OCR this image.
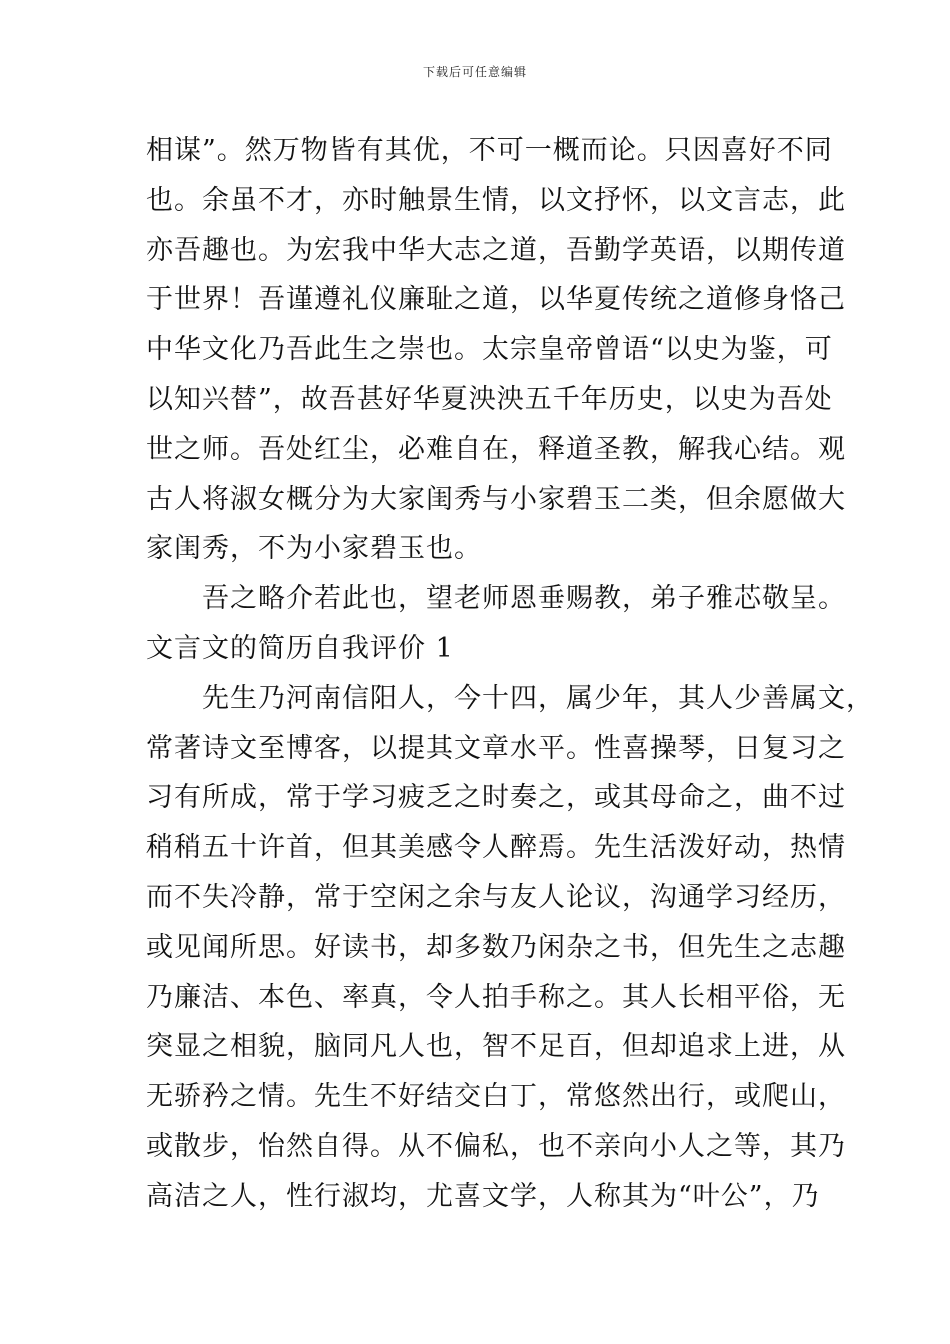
下载后可任意编辑
相谋”。然万物皆有其优，不可一概而论。只因喜好不同
也。余虽不才，亦时触景生情，以文抒怀，以文言志，此
亦吾趣也。为宏我中华大志之道，吾勤学英语，以期传道
于世界！吾谨遵礼仪廉耻之道，以华夏传统之道修身恪己
中华文化乃吾此生之崇也。太宗皇帝曾语“以史为鉴，可
以知兴替”，故吾甚好华夏泱泱五千年历史，以史为吾处
世之师。吾处红尘，必难自在，释道圣教，解我心结。观
古人将淑女概分为大家闺秀与小家碧玉二类，但余愿做大
家闺秀，不为小家碧玉也。
吾之略介若此也，望老师恩垂赐教，弟子雅芯敬呈。
文言文的简历自我评价 1
先生乃河南信阳人，今十四，属少年，其人少善属文，
常著诗文至博客，以提其文章水平。性喜操琴，日复习之
习有所成，常于学习疲乏之时奏之，或其母命之，曲不过
稍稍五十许首，但其美感令人醉焉。先生活泼好动，热情
而不失冷静，常于空闲之余与友人论议，沟通学习经历，
或见闻所思。好读书，却多数乃闲杂之书，但先生之志趣
乃廉洁、本色、率真，令人拍手称之。其人长相平俗，无
突显之相貌，脑同凡人也，智不足百，但却追求上进，从
无骄矜之情。先生不好结交白丁，常悠然出行，或爬山，
或散步，怡然自得。从不偏私，也不亲向小人之等，其乃
高洁之人，性行淑均，尤喜文学，人称其为“叶公”，乃
